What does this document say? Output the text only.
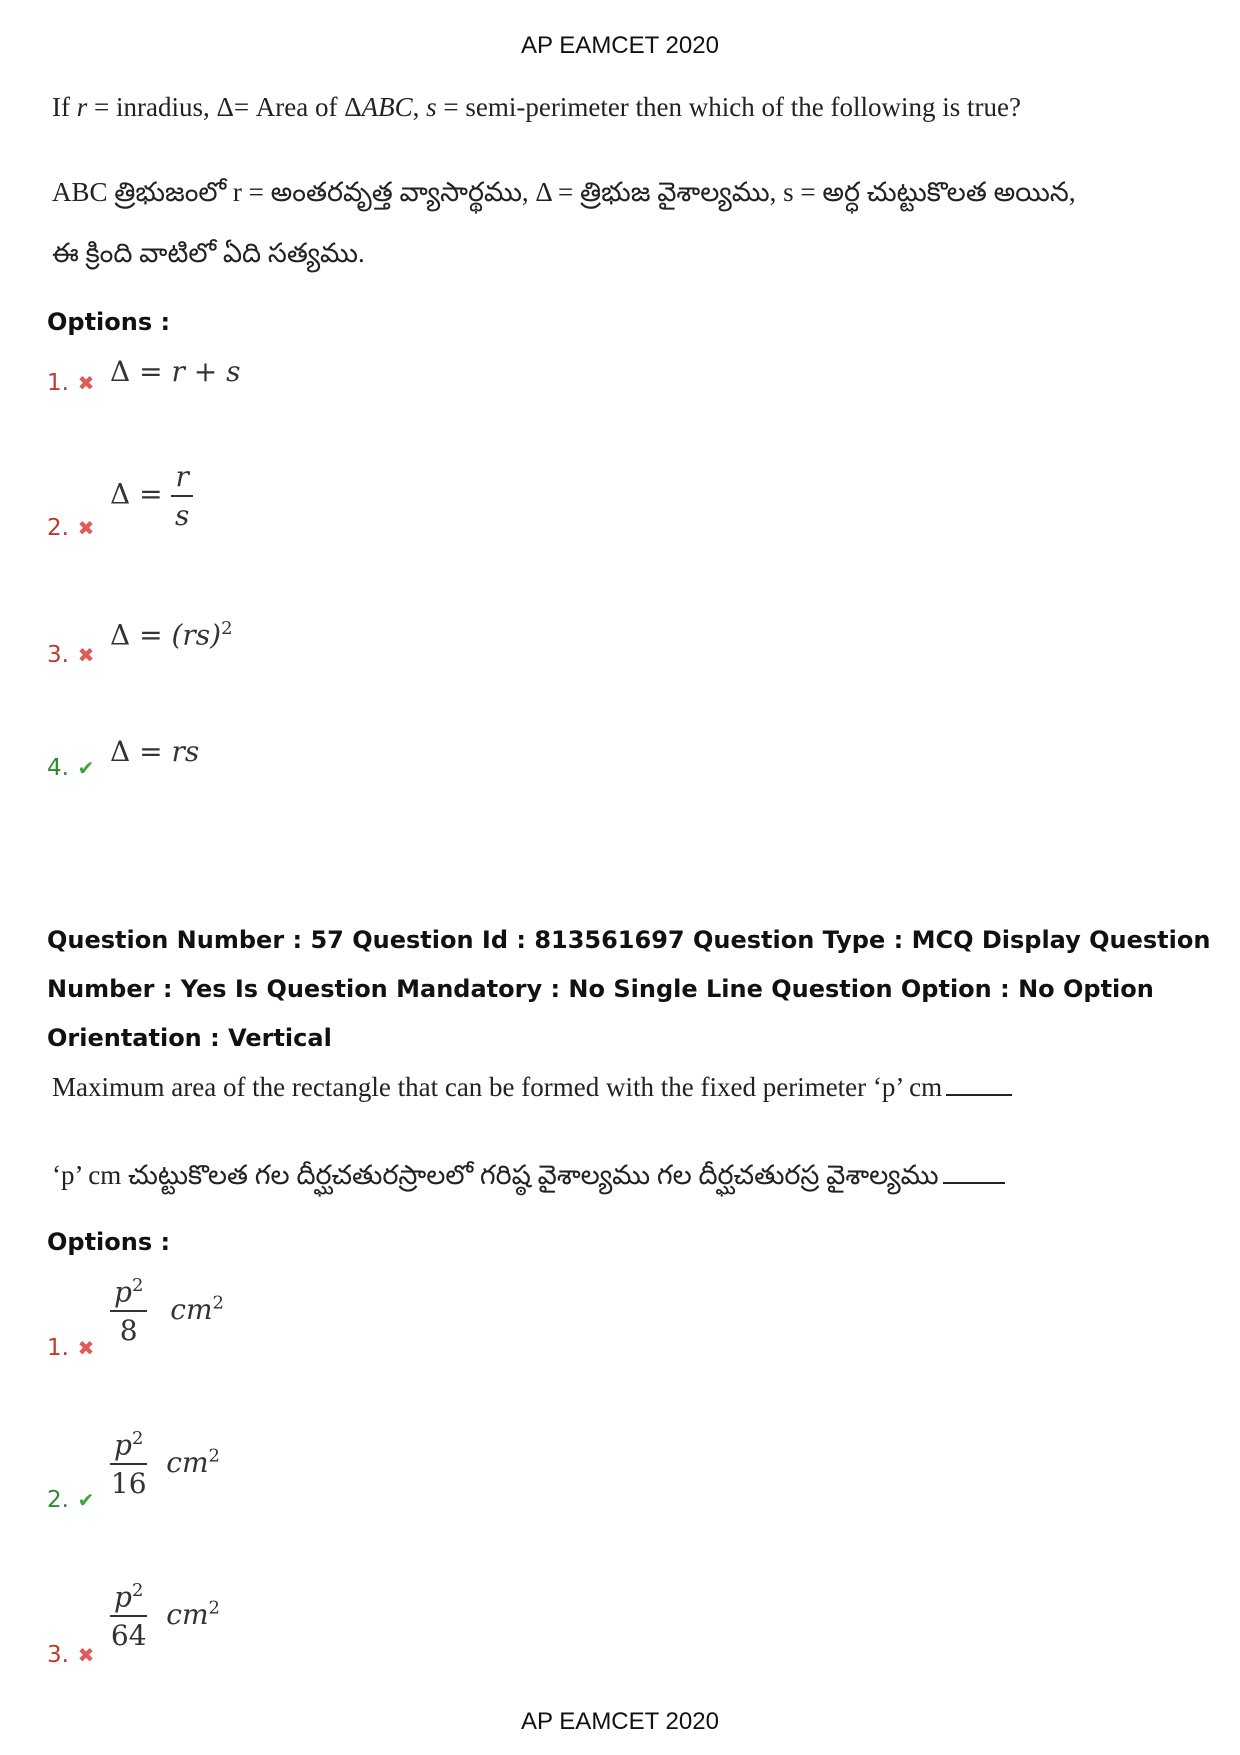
AP EAMCET 2020
If r = inradius, Δ= Area of ΔABC, s = semi-perimeter then which of the following is true?
ABC త్రిభుజంలో r = అంతరవృత్త వ్యాసార్థము, Δ = త్రిభుజ వైశాల్యము, s = అర్ధ చుట్టుకొలత అయిన,
ఈ క్రింది వాటిలో ఏది సత్యము.
Options :
1. ✖ Δ = r + s
2. ✖
$\Delta = \frac{r}{s}$
3. ✖
Δ = (rs)$^2$
4. ✔ Δ = rs
Question Number : 57 Question Id : 813561697 Question Type : MCQ Display Question
Number : Yes Is Question Mandatory : No Single Line Question Option : No Option
Orientation : Vertical
Maximum area of the rectangle that can be formed with the fixed perimeter ‘p’ cm
‘p’ cm చుట్టుకొలత గల దీర్ఘచతురస్రాలలో గరిష్ఠ వైశాల్యము గల దీర్ఘచతురస్ర వైశాల్యము
Options :
1. ✖
$\frac{p^2}{8} cm^2$
2. ✔ $\frac{p^2}{16} cm^2$
3. ✖
$\frac{p^2}{64} cm^2$
AP EAMCET 2020
